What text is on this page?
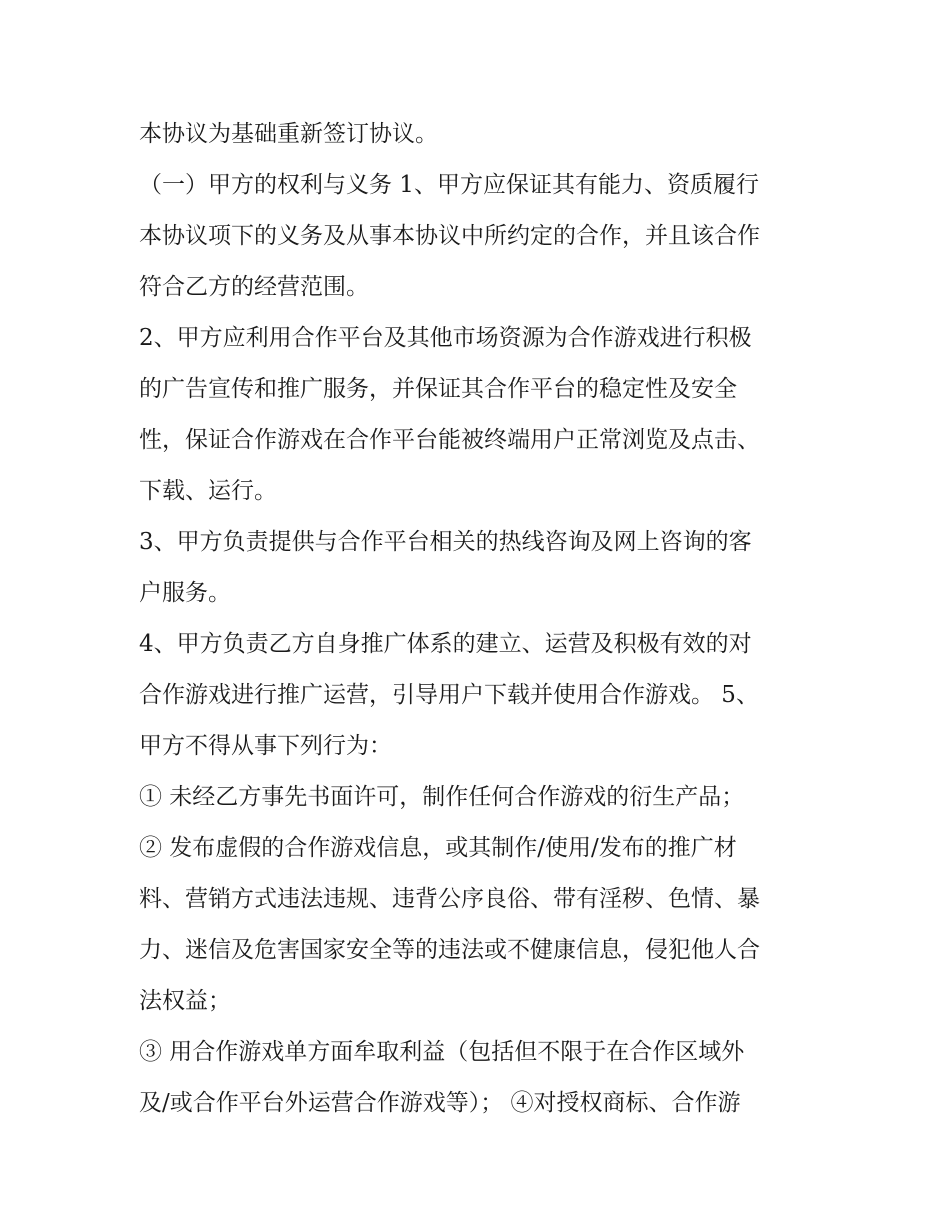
本协议为基础重新签订协议。
（一）甲方的权利与义务 1、甲方应保证其有能力、资质履行
本协议项下的义务及从事本协议中所约定的合作，并且该合作
符合乙方的经营范围。
2、甲方应利用合作平台及其他市场资源为合作游戏进行积极
的广告宣传和推广服务，并保证其合作平台的稳定性及安全
性，保证合作游戏在合作平台能被终端用户正常浏览及点击、
下载、运行。
3、甲方负责提供与合作平台相关的热线咨询及网上咨询的客
户服务。
4、甲方负责乙方自身推广体系的建立、运营及积极有效的对
合作游戏进行推广运营，引导用户下载并使用合作游戏。 5、
甲方不得从事下列行为：
① 未经乙方事先书面许可，制作任何合作游戏的衍生产品；
② 发布虚假的合作游戏信息，或其制作/使用/发布的推广材
料、营销方式违法违规、违背公序良俗、带有淫秽、色情、暴
力、迷信及危害国家安全等的违法或不健康信息，侵犯他人合
法权益；
③ 用合作游戏单方面牟取利益（包括但不限于在合作区域外
及/或合作平台外运营合作游戏等）； ④对授权商标、合作游
